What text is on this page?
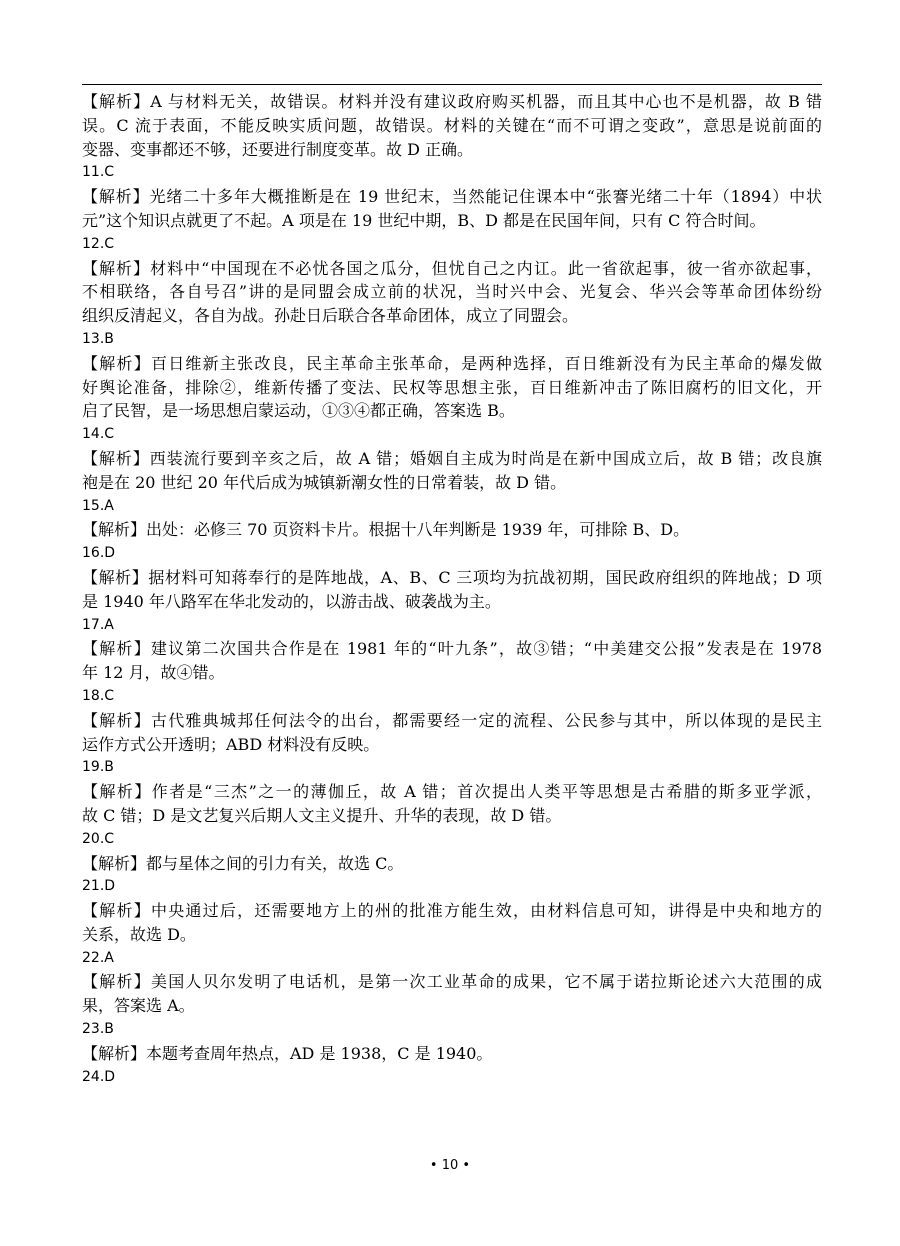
【解析】A 与材料无关，故错误。材料并没有建议政府购买机器，而且其中心也不是机器，故 B 错
误。C 流于表面，不能反映实质问题，故错误。材料的关键在“而不可谓之变政”，意思是说前面的
变器、变事都还不够，还要进行制度变革。故 D 正确。
11.C
【解析】光绪二十多年大概推断是在 19 世纪末，当然能记住课本中“张謇光绪二十年（1894）中状
元”这个知识点就更了不起。A 项是在 19 世纪中期，B、D 都是在民国年间，只有 C 符合时间。
12.C
【解析】材料中“中国现在不必忧各国之瓜分，但忧自己之内讧。此一省欲起事，彼一省亦欲起事，
不相联络，各自号召”讲的是同盟会成立前的状况，当时兴中会、光复会、华兴会等革命团体纷纷
组织反清起义，各自为战。孙赴日后联合各革命团体，成立了同盟会。
13.B
【解析】百日维新主张改良，民主革命主张革命，是两种选择，百日维新没有为民主革命的爆发做
好舆论准备，排除②，维新传播了变法、民权等思想主张，百日维新冲击了陈旧腐朽的旧文化，开
启了民智，是一场思想启蒙运动，①③④都正确，答案选 B。
14.C
【解析】西装流行要到辛亥之后，故 A 错；婚姻自主成为时尚是在新中国成立后，故 B 错；改良旗
袍是在 20 世纪 20 年代后成为城镇新潮女性的日常着装，故 D 错。
15.A
【解析】出处：必修三 70 页资料卡片。根据十八年判断是 1939 年，可排除 B、D。
16.D
【解析】据材料可知蒋奉行的是阵地战，A、B、C 三项均为抗战初期，国民政府组织的阵地战；D 项
是 1940 年八路军在华北发动的，以游击战、破袭战为主。
17.A
【解析】建议第二次国共合作是在 1981 年的“叶九条”，故③错；“中美建交公报”发表是在 1978
年 12 月，故④错。
18.C
【解析】古代雅典城邦任何法令的出台，都需要经一定的流程、公民参与其中，所以体现的是民主
运作方式公开透明；ABD 材料没有反映。
19.B
【解析】作者是“三杰”之一的薄伽丘，故 A 错；首次提出人类平等思想是古希腊的斯多亚学派，
故 C 错；D 是文艺复兴后期人文主义提升、升华的表现，故 D 错。
20.C
【解析】都与星体之间的引力有关，故选 C。
21.D
【解析】中央通过后，还需要地方上的州的批准方能生效，由材料信息可知，讲得是中央和地方的
关系，故选 D。
22.A
【解析】美国人贝尔发明了电话机，是第一次工业革命的成果，它不属于诺拉斯论述六大范围的成
果，答案选 A。
23.B
【解析】本题考查周年热点，AD 是 1938，C 是 1940。
24.D
• 10 •
